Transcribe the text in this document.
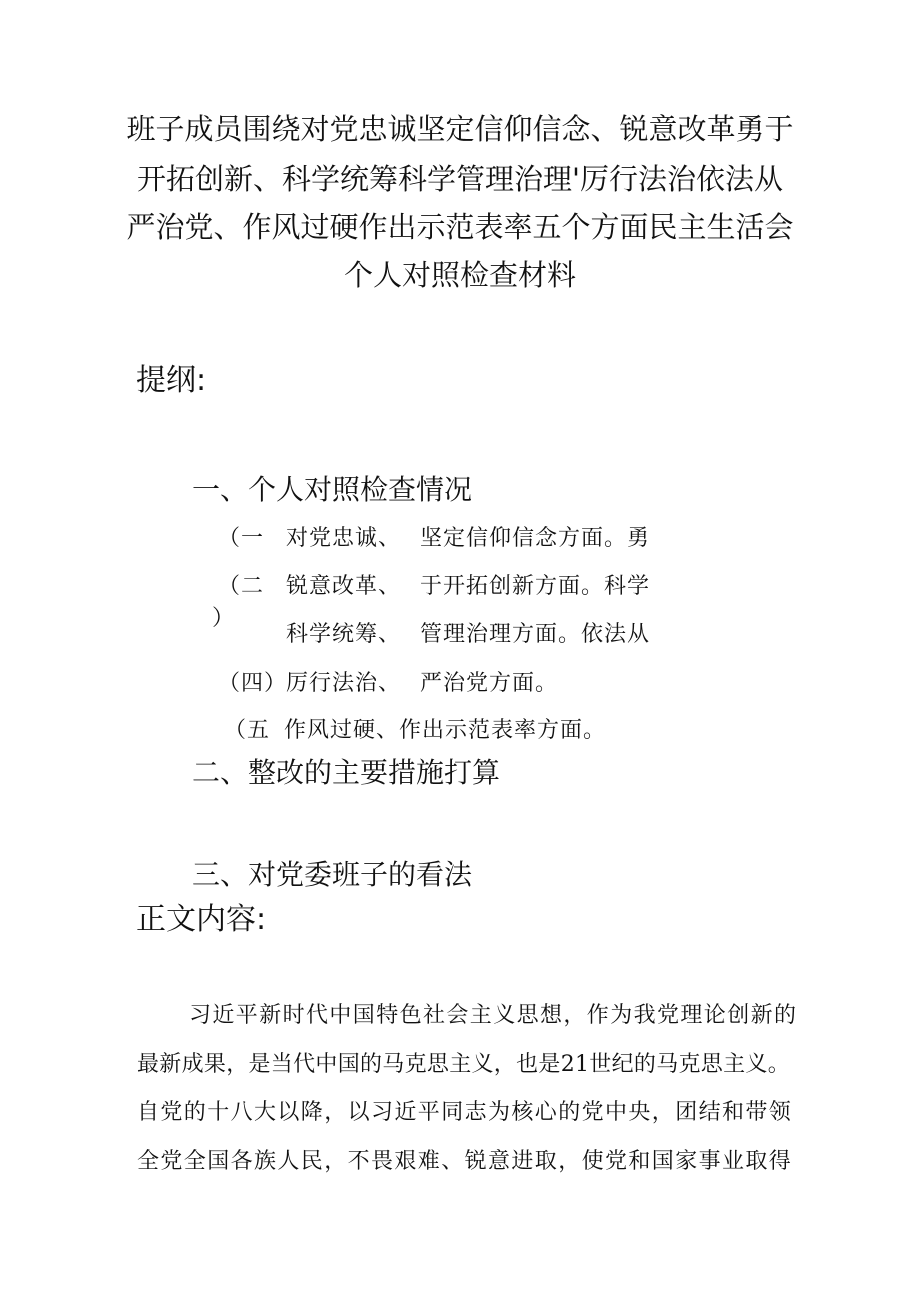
班子成员围绕对党忠诚坚定信仰信念、锐意改革勇于
开拓创新、科学统筹科学管理治理'厉行法治依法从
严治党、作风过硬作出示范表率五个方面民主生活会
个人对照检查材料
提纲:
一、个人对照检查情况
（一 对党忠诚、 坚定信仰信念方面。勇
（二
）
锐意改革、 于开拓创新方面。科学
科学统筹、 管理治理方面。依法从
（四）
厉行法治、 严治党方面。
（五 作风过硬、作出示范表率方面。
二、整改的主要措施打算
三、对党委班子的看法
正文内容:
习近平新时代中国特色社会主义思想，作为我党理论创新的
最新成果，是当代中国的马克思主义，也是21世纪的马克思主义。
自党的十八大以降，以习近平同志为核心的党中央，团结和带领
全党全国各族人民，不畏艰难、锐意进取，使党和国家事业取得
